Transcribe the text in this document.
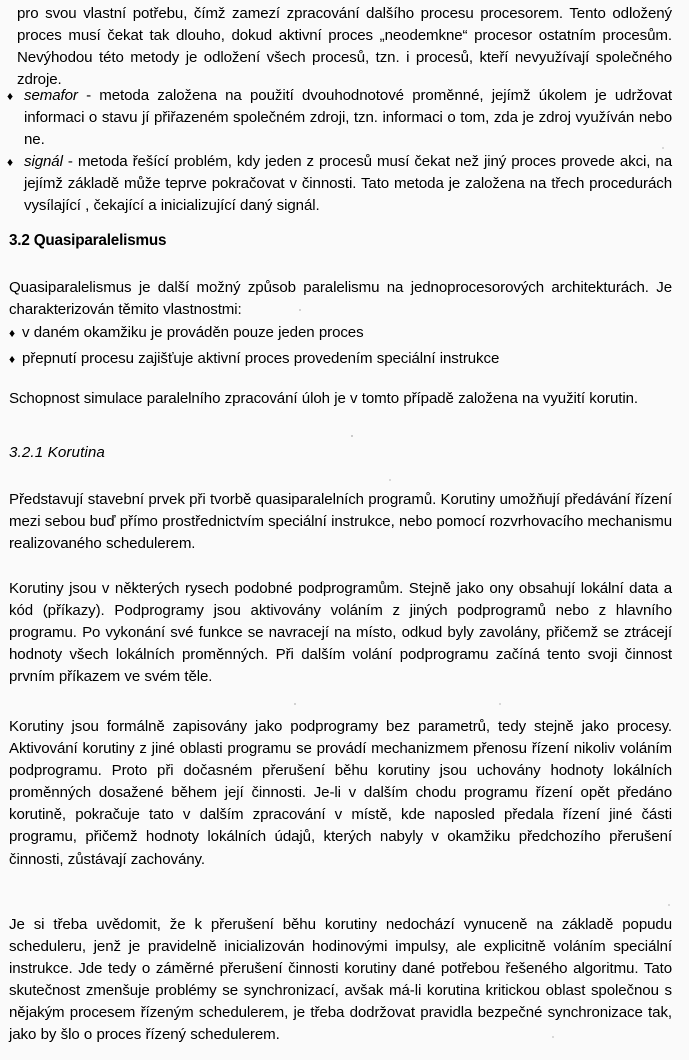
pro svou vlastní potřebu, čímž zamezí zpracování dalšího procesu procesorem. Tento odložený proces musí čekat tak dlouho, dokud aktivní proces „neodemkne“ procesor ostatním procesům. Nevýhodou této metody je odložení všech procesů, tzn. i procesů, kteří nevyužívají společného zdroje.
♦ semafor - metoda založena na použití dvouhodnotové proměnné, jejímž úkolem je udržovat informaci o stavu jí přiřazeném společném zdroji, tzn. informaci o tom, zda je zdroj využíván nebo ne.
♦ signál - metoda řešící problém, kdy jeden z procesů musí čekat než jiný proces provede akci, na jejímž základě může teprve pokračovat v činnosti. Tato metoda je založena na třech procedurách vysílající , čekající a inicializující daný signál.
3.2 Quasiparalelismus
Quasiparalelismus je další možný způsob paralelismu na jednoprocesorových architekturách. Je charakterizován těmito vlastnostmi:
♦ v daném okamžiku je prováděn pouze jeden proces
♦ přepnutí procesu zajišťuje aktivní proces provedením speciální instrukce
Schopnost simulace paralelního zpracování úloh je v tomto případě založena na využití korutin.
3.2.1 Korutina
Představují stavební prvek při tvorbě quasiparalelních programů. Korutiny umožňují předávání řízení mezi sebou buď přímo prostřednictvím speciální instrukce, nebo pomocí rozvrhovacího mechanismu realizovaného schedulerem.
Korutiny jsou v některých rysech podobné podprogramům. Stejně jako ony obsahují lokální data a kód (příkazy). Podprogramy jsou aktivovány voláním z jiných podprogramů nebo z hlavního programu. Po vykonání své funkce se navracejí na místo, odkud byly zavolány, přičemž se ztrácejí hodnoty všech lokálních proměnných. Při dalším volání podprogramu začíná tento svoji činnost prvním příkazem ve svém těle.
Korutiny jsou formálně zapisovány jako podprogramy bez parametrů, tedy stejně jako procesy. Aktivování korutiny z jiné oblasti programu se provádí mechanizmem přenosu řízení nikoliv voláním podprogramu. Proto při dočasném přerušení běhu korutiny jsou uchovány hodnoty lokálních proměnných dosažené během její činnosti. Je-li v dalším chodu programu řízení opět předáno korutině, pokračuje tato v dalším zpracování v místě, kde naposled předala řízení jiné části programu, přičemž hodnoty lokálních údajů, kterých nabyly v okamžiku předchozího přerušení činnosti, zůstávají zachovány.
Je si třeba uvědomit, že k přerušení běhu korutiny nedochází vynuceně na základě popudu scheduleru, jenž je pravidelně inicializován hodinovými impulsy, ale explicitně voláním speciální instrukce. Jde tedy o záměrné přerušení činnosti korutiny dané potřebou řešeného algoritmu. Tato skutečnost zmenšuje problémy se synchronizací, avšak má-li korutina kritickou oblast společnou s nějakým procesem řízeným schedulerem, je třeba dodržovat pravidla bezpečné synchronizace tak, jako by šlo o proces řízený schedulerem.
